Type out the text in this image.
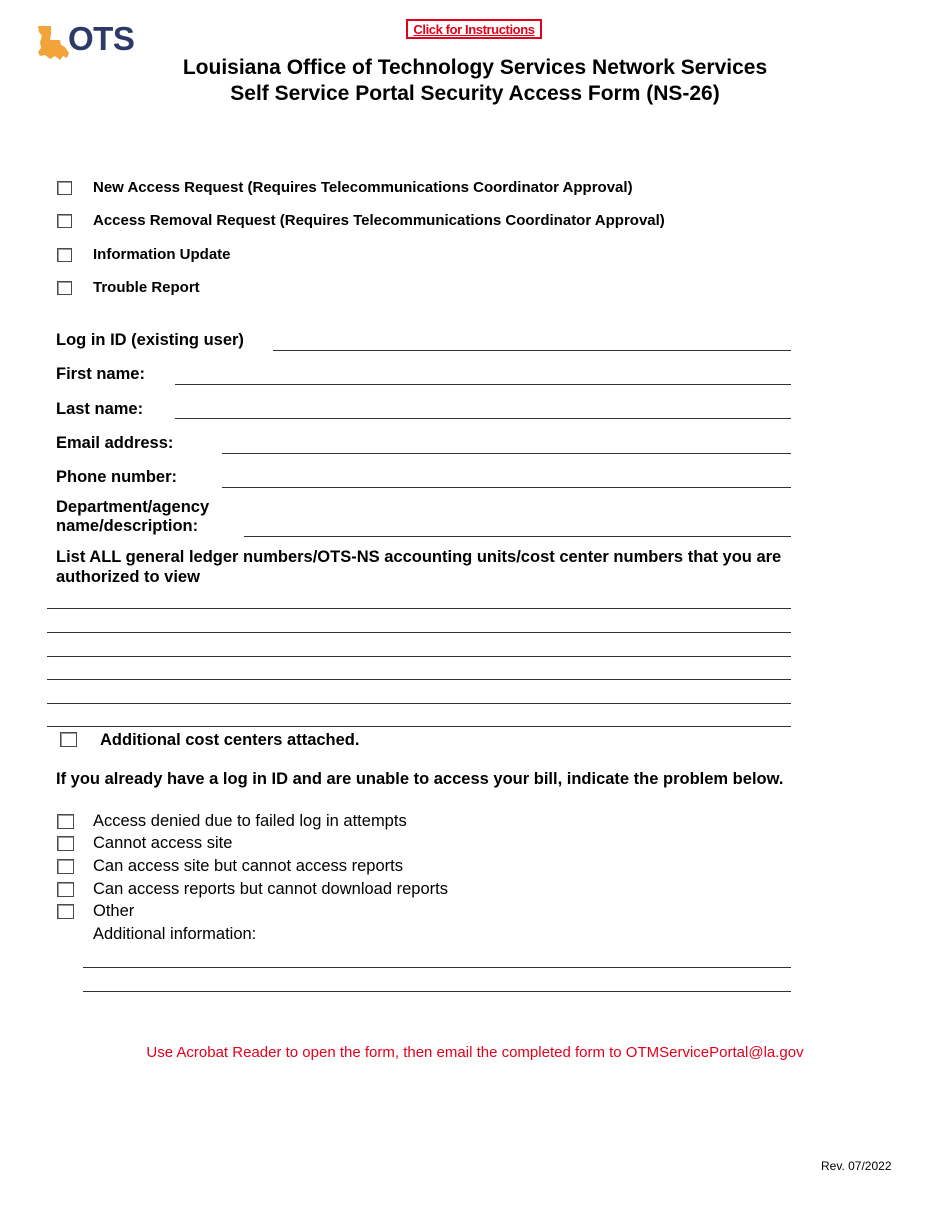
OTS	Click for Instructions
Louisiana Office of Technology Services Network Services
Self Service Portal Security Access Form (NS-26)
New Access Request (Requires Telecommunications Coordinator Approval)
Access Removal Request (Requires Telecommunications Coordinator Approval)
Information Update
Trouble Report
Log in ID (existing user)
First name:
Last name:
Email address:
Phone number:
Department/agency
name/description:
List ALL general ledger numbers/OTS-NS accounting units/cost center numbers that you are authorized to view
Additional cost centers attached.
If you already have a log in ID and are unable to access your bill, indicate the problem below.
Access denied due to failed log in attempts
Cannot access site
Can access site but cannot access reports
Can access reports but cannot download reports
Other
Additional information:
Use Acrobat Reader to open the form, then email the completed form to OTMServicePortal@la.gov
Rev. 07/2022
